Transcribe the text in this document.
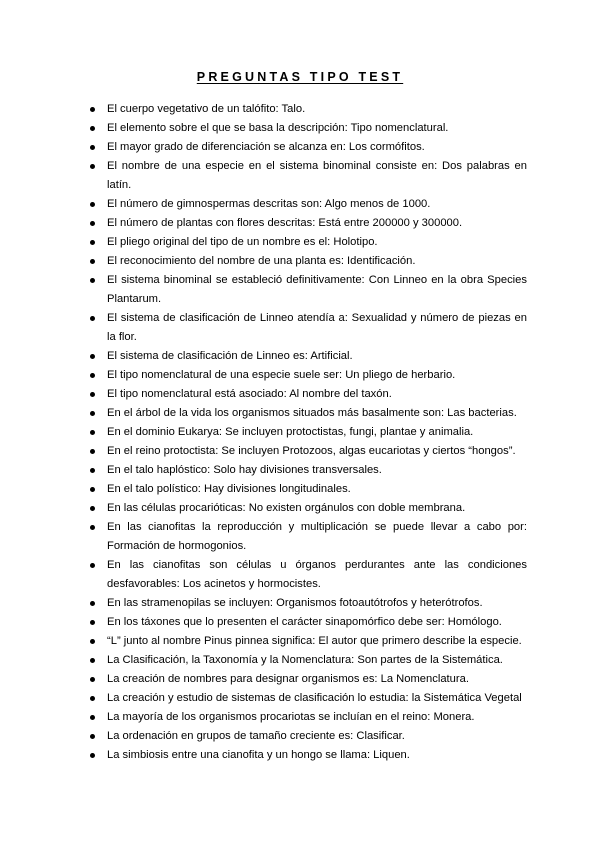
PREGUNTAS TIPO TEST
El cuerpo vegetativo de un talófito: Talo.
El elemento sobre el que se basa la descripción: Tipo nomenclatural.
El mayor grado de diferenciación se alcanza en: Los cormófitos.
El nombre de una especie en el sistema binominal consiste en: Dos palabras en latín.
El número de gimnospermas descritas son: Algo menos de 1000.
El número de plantas con flores descritas: Está entre 200000 y 300000.
El pliego original del tipo de un nombre es el: Holotipo.
El reconocimiento del nombre de una planta es: Identificación.
El sistema binominal se estableció definitivamente: Con Linneo en la obra Species Plantarum.
El sistema de clasificación de Linneo atendía a: Sexualidad y número de piezas en la flor.
El sistema de clasificación de Linneo es: Artificial.
El tipo nomenclatural de una especie suele ser: Un pliego de herbario.
El tipo nomenclatural está asociado: Al nombre del taxón.
En el árbol de la vida los organismos situados más basalmente son: Las bacterias.
En el dominio Eukarya: Se incluyen protoctistas, fungi, plantae y animalia.
En el reino protoctista: Se incluyen Protozoos, algas eucariotas y ciertos “hongos”.
En el talo haplóstico: Solo hay divisiones transversales.
En el talo polístico: Hay divisiones longitudinales.
En las células procarióticas: No existen orgánulos con doble membrana.
En las cianofitas la reproducción y multiplicación se puede llevar a cabo por: Formación de hormogonios.
En las cianofitas son células u órganos perdurantes ante las condiciones desfavorables: Los acinetos y hormocistes.
En las stramenopilas se incluyen: Organismos fotoautótrofos y heterótrofos.
En los táxones que lo presenten el carácter sinapomórfico debe ser: Homólogo.
“L” junto al nombre Pinus pinnea significa: El autor que primero describe la especie.
La Clasificación, la Taxonomía y la Nomenclatura: Son partes de la Sistemática.
La creación de nombres para designar organismos es: La Nomenclatura.
La creación y estudio de sistemas de clasificación lo estudia: la Sistemática Vegetal
La mayoría de los organismos procariotas se incluían en el reino: Monera.
La ordenación en grupos de tamaño creciente es: Clasificar.
La simbiosis entre una cianofita y un hongo se llama: Liquen.
